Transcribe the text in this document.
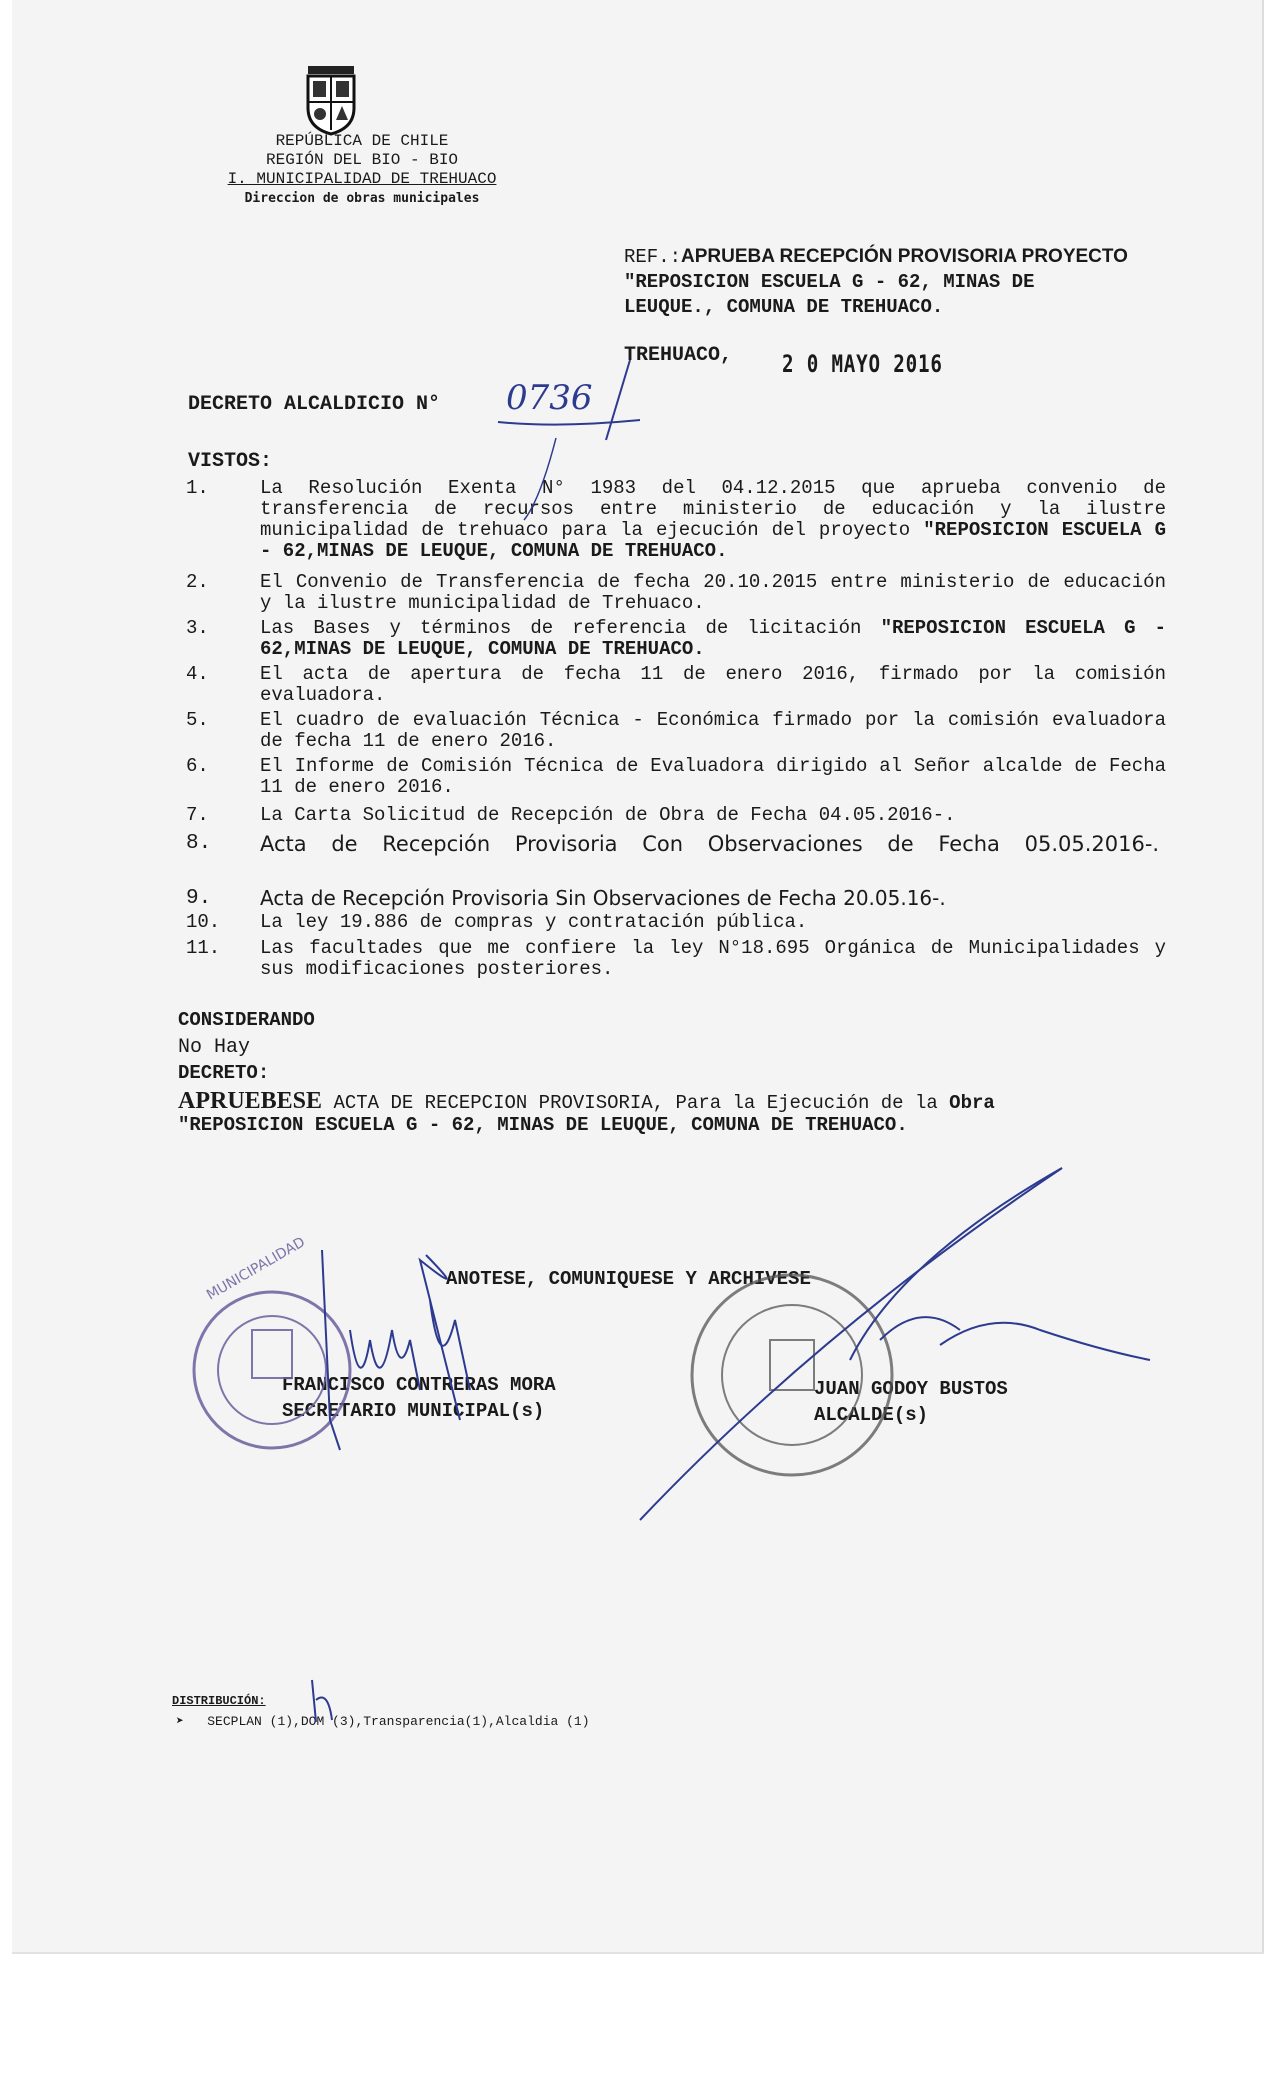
REPÚBLICA DE CHILE
REGIÓN DEL BIO - BIO
I. MUNICIPALIDAD DE TREHUACO
Direccion de obras municipales
REF.:APRUEBA RECEPCIÓN PROVISORIA PROYECTO
"REPOSICION ESCUELA G - 62, MINAS DE
LEUQUE., COMUNA DE TREHUACO.
TREHUACO, 2 0 MAYO 2016
DECRETO ALCALDICIO N° 0736
VISTOS:
1.	La Resolución Exenta N° 1983 del 04.12.2015 que aprueba convenio de transferencia de recursos entre ministerio de educación y la ilustre municipalidad de trehuaco para la ejecución del proyecto "REPOSICION ESCUELA G - 62,MINAS DE LEUQUE, COMUNA DE TREHUACO.
2.	El Convenio de Transferencia de fecha 20.10.2015 entre ministerio de educación y la ilustre municipalidad de Trehuaco.
3.	Las Bases y términos de referencia de licitación "REPOSICION ESCUELA G - 62,MINAS DE LEUQUE, COMUNA DE TREHUACO.
4.	El acta de apertura de fecha 11 de enero 2016, firmado por la comisión evaluadora.
5.	El cuadro de evaluación Técnica - Económica firmado por la comisión evaluadora de fecha 11 de enero 2016.
6.	El Informe de Comisión Técnica de Evaluadora dirigido al Señor alcalde de Fecha 11 de enero 2016.
7.	La Carta Solicitud de Recepción de Obra de Fecha 04.05.2016-.
8.	Acta de Recepción Provisoria Con Observaciones de Fecha 05.05.2016-.
9.	Acta de Recepción Provisoria Sin Observaciones de Fecha 20.05.16-.
10.	La ley 19.886 de compras y contratación pública.
11.	Las facultades que me confiere la ley N°18.695 Orgánica de Municipalidades y sus modificaciones posteriores.
CONSIDERANDO
No Hay
DECRETO:
APRUEBESE ACTA DE RECEPCION PROVISORIA, Para la Ejecución de la Obra
"REPOSICION ESCUELA G - 62, MINAS DE LEUQUE, COMUNA DE TREHUACO.
ANOTESE, COMUNIQUESE Y ARCHIVESE
FRANCISCO CONTRERAS MORA
SECRETARIO MUNICIPAL(s)
JUAN GODOY BUSTOS
ALCALDE(s)
DISTRIBUCIÓN:
➤ SECPLAN (1),DOM (3),Transparencia(1),Alcaldia (1)
MUNICIPALIDAD
